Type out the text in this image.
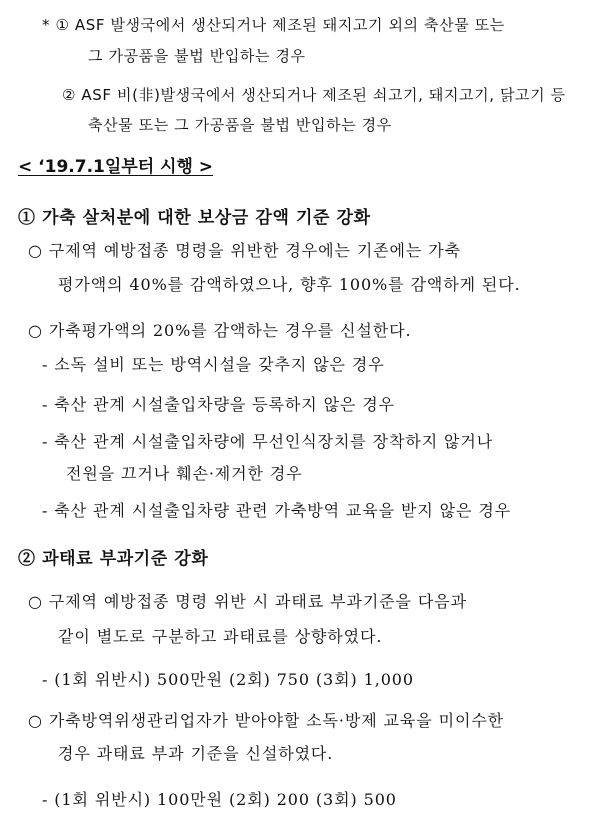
* ① ASF 발생국에서 생산되거나 제조된 돼지고기 외의 축산물 또는
그 가공품을 불법 반입하는 경우
② ASF 비(非)발생국에서 생산되거나 제조된 쇠고기, 돼지고기, 닭고기 등
축산물 또는 그 가공품을 불법 반입하는 경우
< ‘19.7.1일부터 시행 >
① 가축 살처분에 대한 보상금 감액 기준 강화
○ 구제역 예방접종 명령을 위반한 경우에는 기존에는 가축
평가액의 40%를 감액하였으나, 향후 100%를 감액하게 된다.
○ 가축평가액의 20%를 감액하는 경우를 신설한다.
- 소독 설비 또는 방역시설을 갖추지 않은 경우
- 축산 관계 시설출입차량을 등록하지 않은 경우
- 축산 관계 시설출입차량에 무선인식장치를 장착하지 않거나
전원을 끄거나 훼손·제거한 경우
- 축산 관계 시설출입차량 관련 가축방역 교육을 받지 않은 경우
② 과태료 부과기준 강화
○ 구제역 예방접종 명령 위반 시 과태료 부과기준을 다음과
같이 별도로 구분하고 과태료를 상향하였다.
- (1회 위반시) 500만원 (2회) 750 (3회) 1,000
○ 가축방역위생관리업자가 받아야할 소독·방제 교육을 미이수한
경우 과태료 부과 기준을 신설하였다.
- (1회 위반시) 100만원 (2회) 200 (3회) 500
